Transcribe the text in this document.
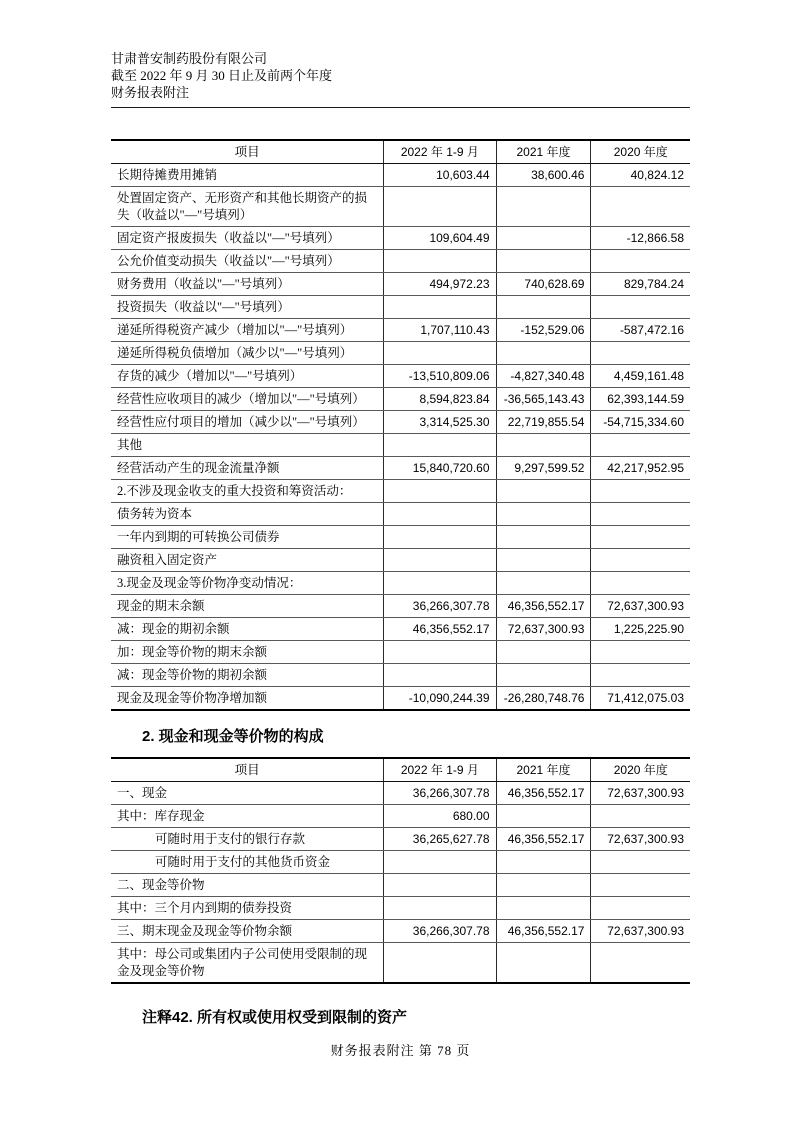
甘肃普安制药股份有限公司
截至 2022 年 9 月 30 日止及前两个年度
财务报表附注
项目	2022 年 1-9 月	2021 年度	2020 年度
长期待摊费用摊销	10,603.44	38,600.46	40,824.12
处置固定资产、无形资产和其他长期资产的损失（收益以"—"号填列）			
固定资产报废损失（收益以"—"号填列）	109,604.49		-12,866.58
公允价值变动损失（收益以"—"号填列）			
财务费用（收益以"—"号填列）	494,972.23	740,628.69	829,784.24
投资损失（收益以"—"号填列）			
递延所得税资产减少（增加以"—"号填列）	1,707,110.43	-152,529.06	-587,472.16
递延所得税负债增加（减少以"—"号填列）			
存货的减少（增加以"—"号填列）	-13,510,809.06	-4,827,340.48	4,459,161.48
经营性应收项目的减少（增加以"—"号填列）	8,594,823.84	-36,565,143.43	62,393,144.59
经营性应付项目的增加（减少以"—"号填列）	3,314,525.30	22,719,855.54	-54,715,334.60
其他			
经营活动产生的现金流量净额	15,840,720.60	9,297,599.52	42,217,952.95
2.不涉及现金收支的重大投资和筹资活动：			
债务转为资本			
一年内到期的可转换公司债券			
融资租入固定资产			
3.现金及现金等价物净变动情况：			
现金的期末余额	36,266,307.78	46,356,552.17	72,637,300.93
减：现金的期初余额	46,356,552.17	72,637,300.93	1,225,225.90
加：现金等价物的期末余额			
减：现金等价物的期初余额			
现金及现金等价物净增加额	-10,090,244.39	-26,280,748.76	71,412,075.03
2. 现金和现金等价物的构成
项目	2022 年 1-9 月	2021 年度	2020 年度
一、现金	36,266,307.78	46,356,552.17	72,637,300.93
其中：库存现金	680.00		
可随时用于支付的银行存款	36,265,627.78	46,356,552.17	72,637,300.93
可随时用于支付的其他货币资金			
二、现金等价物			
其中：三个月内到期的债券投资			
三、期末现金及现金等价物余额	36,266,307.78	46,356,552.17	72,637,300.93
其中：母公司或集团内子公司使用受限制的现金及现金等价物			
注释42. 所有权或使用权受到限制的资产
财务报表附注 第 78 页
